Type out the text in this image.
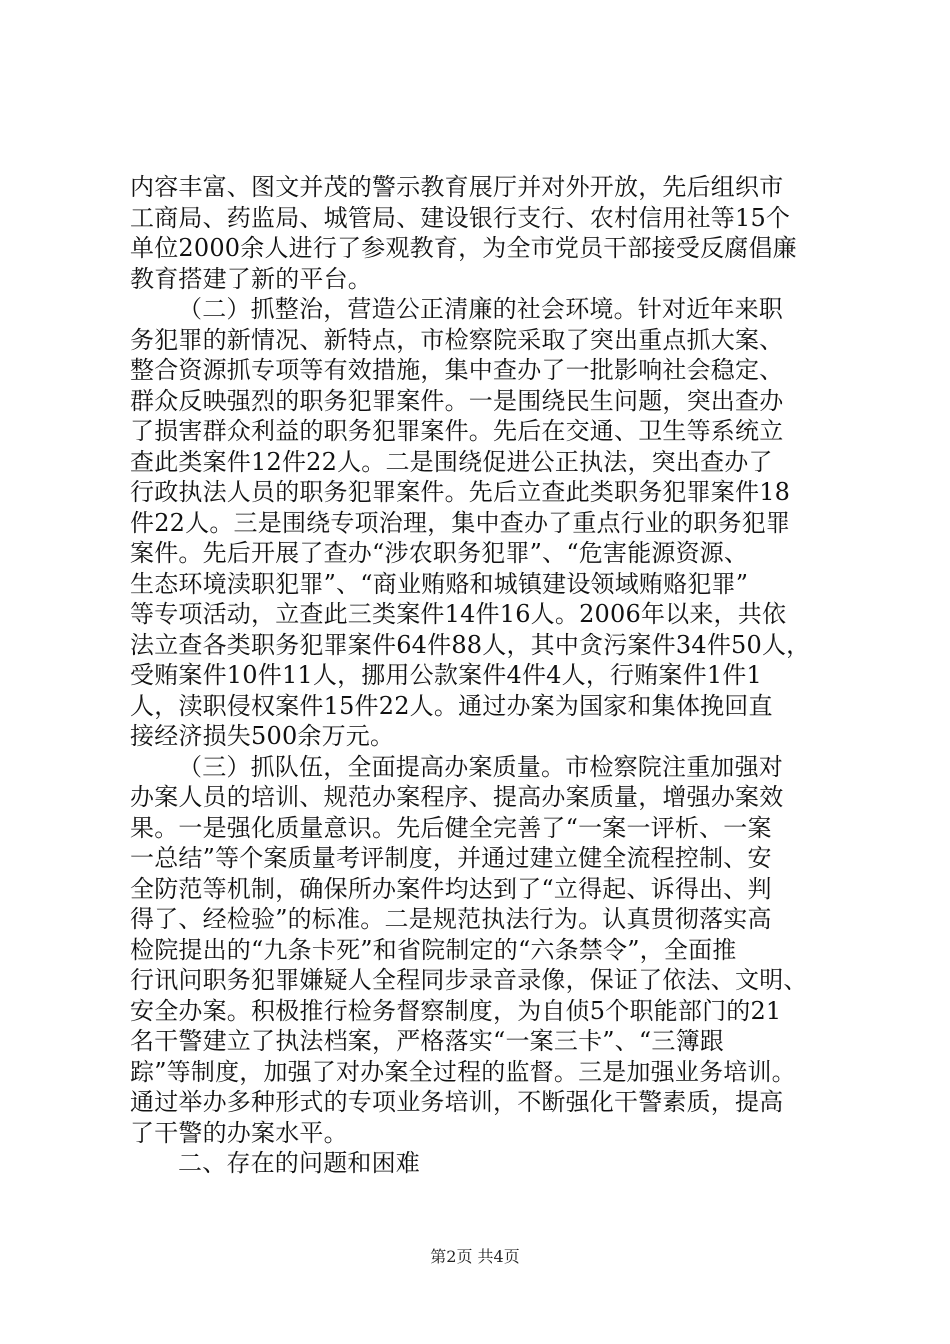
内容丰富、图文并茂的警示教育展厅并对外开放，先后组织市
工商局、药监局、城管局、建设银行支行、农村信用社等15个
单位2000余人进行了参观教育，为全市党员干部接受反腐倡廉
教育搭建了新的平台。
（二）抓整治，营造公正清廉的社会环境。针对近年来职
务犯罪的新情况、新特点，市检察院采取了突出重点抓大案、
整合资源抓专项等有效措施，集中查办了一批影响社会稳定、
群众反映强烈的职务犯罪案件。一是围绕民生问题，突出查办
了损害群众利益的职务犯罪案件。先后在交通、卫生等系统立
查此类案件12件22人。二是围绕促进公正执法，突出查办了
行政执法人员的职务犯罪案件。先后立查此类职务犯罪案件18
件22人。三是围绕专项治理，集中查办了重点行业的职务犯罪
案件。先后开展了查办“涉农职务犯罪”、“危害能源资源、
生态环境渎职犯罪”、“商业贿赂和城镇建设领域贿赂犯罪”
等专项活动，立查此三类案件14件16人。2006年以来，共依
法立查各类职务犯罪案件64件88人，其中贪污案件34件50人，
受贿案件10件11人，挪用公款案件4件4人，行贿案件1件1
人，渎职侵权案件15件22人。通过办案为国家和集体挽回直
接经济损失500余万元。
（三）抓队伍，全面提高办案质量。市检察院注重加强对
办案人员的培训、规范办案程序、提高办案质量，增强办案效
果。一是强化质量意识。先后健全完善了“一案一评析、一案
一总结”等个案质量考评制度，并通过建立健全流程控制、安
全防范等机制，确保所办案件均达到了“立得起、诉得出、判
得了、经检验”的标准。二是规范执法行为。认真贯彻落实高
检院提出的“九条卡死”和省院制定的“六条禁令”，全面推
行讯问职务犯罪嫌疑人全程同步录音录像，保证了依法、文明、
安全办案。积极推行检务督察制度，为自侦5个职能部门的21
名干警建立了执法档案，严格落实“一案三卡”、“三簿跟
踪”等制度，加强了对办案全过程的监督。三是加强业务培训。
通过举办多种形式的专项业务培训，不断强化干警素质，提高
了干警的办案水平。
二、存在的问题和困难
第2页 共4页
